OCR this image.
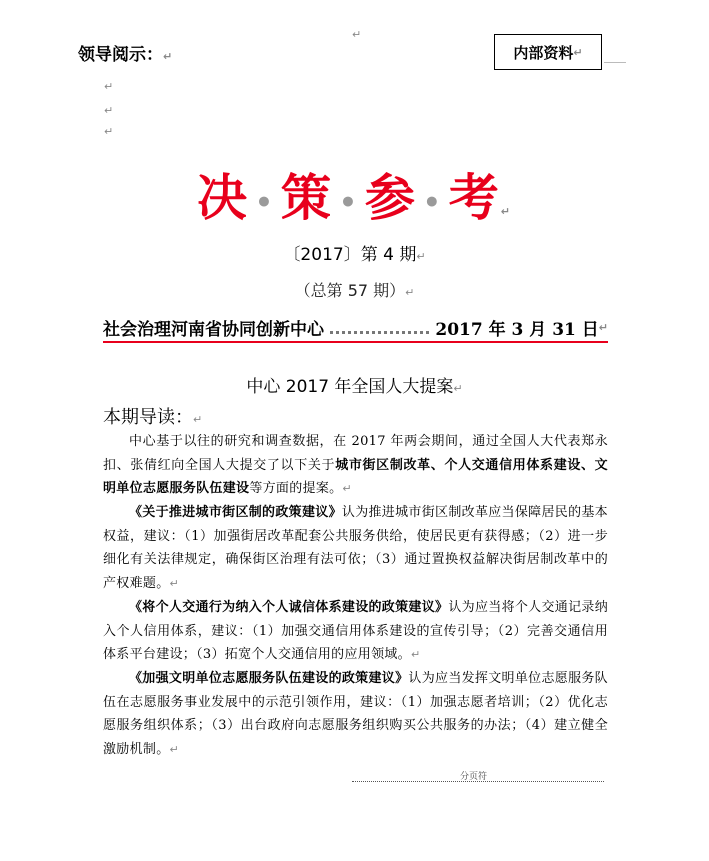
↵
领导阅示：↵	内部资料 ↵
↵
↵
↵
决 • 策 • 参 • 考↵
〔2017〕第 4 期↵
（总第 57 期）↵
社会治理河南省协同创新中心	2017 年 3 月 31 日 ↵
中心 2017 年全国人大提案↵
本期导读：↵
中心基于以往的研究和调查数据，在 2017 年两会期间，通过全国人大代表郑永扣、张倩红向全国人大提交了以下关于城市街区制改革、个人交通信用体系建设、文明单位志愿服务队伍建设等方面的提案。↵
《关于推进城市街区制的政策建议》认为推进城市街区制改革应当保障居民的基本权益，建议：（1）加强街居改革配套公共服务供给，使居民更有获得感；（2）进一步细化有关法律规定，确保街区治理有法可依；（3）通过置换权益解决街居制改革中的产权难题。↵
《将个人交通行为纳入个人诚信体系建设的政策建议》认为应当将个人交通记录纳入个人信用体系，建议：（1）加强交通信用体系建设的宣传引导；（2）完善交通信用体系平台建设；（3）拓宽个人交通信用的应用领域。↵
《加强文明单位志愿服务队伍建设的政策建议》认为应当发挥文明单位志愿服务队伍在志愿服务事业发展中的示范引领作用，建议：（1）加强志愿者培训；（2）优化志愿服务组织体系；（3）出台政府向志愿服务组织购买公共服务的办法；（4）建立健全激励机制。↵
分页符
